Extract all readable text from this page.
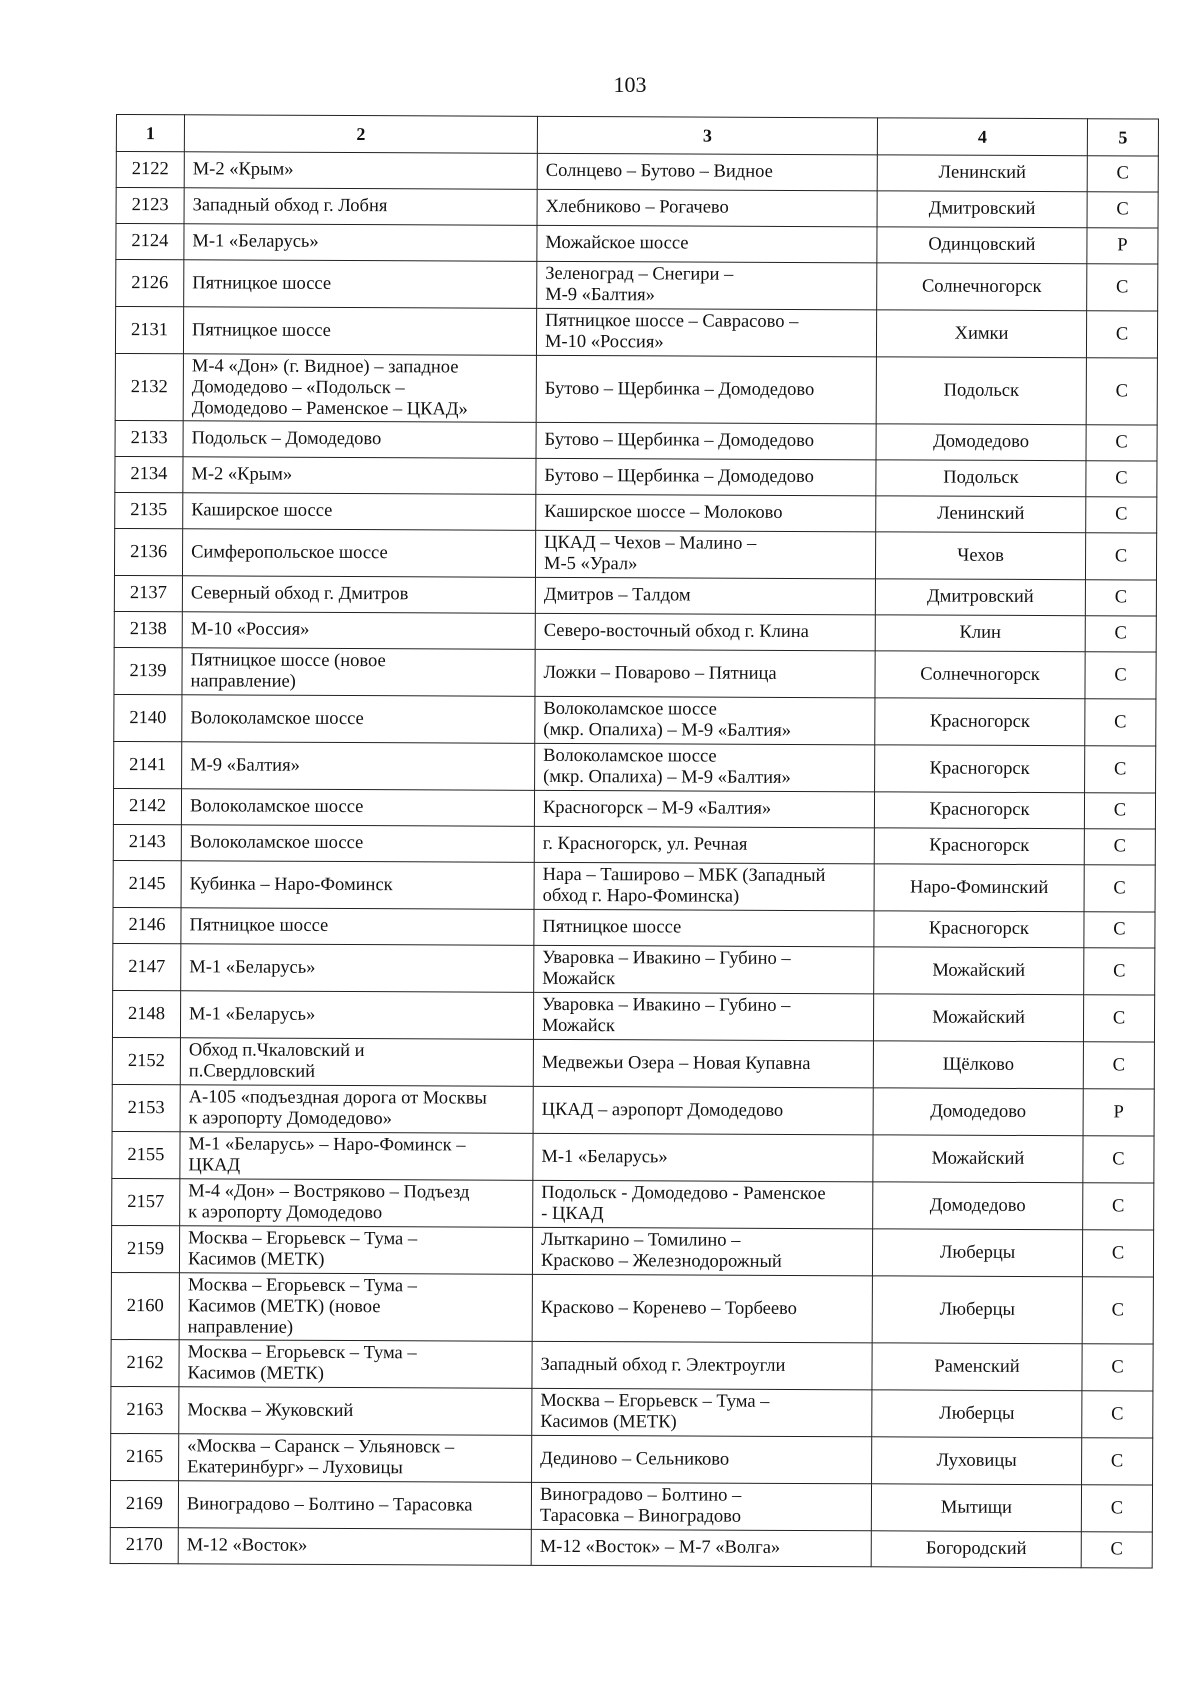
103
1	2	3	4	5
2122	М-2 «Крым»	Солнцево – Бутово – Видное	Ленинский	С
2123	Западный обход г. Лобня	Хлебниково – Рогачево	Дмитровский	С
2124	М-1 «Беларусь»	Можайское шоссе	Одинцовский	Р
2126	Пятницкое шоссе	Зеленоград – Снегири –
М-9 «Балтия»	Солнечногорск	С
2131	Пятницкое шоссе	Пятницкое шоссе – Саврасово –
М-10 «Россия»	Химки	С
2132	М-4 «Дон» (г. Видное) – западное
Домодедово – «Подольск –
Домодедово – Раменское – ЦКАД»	Бутово – Щербинка – Домодедово	Подольск	С
2133	Подольск – Домодедово	Бутово – Щербинка – Домодедово	Домодедово	С
2134	М-2 «Крым»	Бутово – Щербинка – Домодедово	Подольск	С
2135	Каширское шоссе	Каширское шоссе – Молоково	Ленинский	С
2136	Симферопольское шоссе	ЦКАД – Чехов – Малино –
М-5 «Урал»	Чехов	С
2137	Северный обход г. Дмитров	Дмитров – Талдом	Дмитровский	С
2138	М-10 «Россия»	Северо-восточный обход г. Клина	Клин	С
2139	Пятницкое шоссе (новое
направление)	Ложки – Поварово – Пятница	Солнечногорск	С
2140	Волоколамское шоссе	Волоколамское шоссе
(мкр. Опалиха) – М-9 «Балтия»	Красногорск	С
2141	М-9 «Балтия»	Волоколамское шоссе
(мкр. Опалиха) – М-9 «Балтия»	Красногорск	С
2142	Волоколамское шоссе	Красногорск – М-9 «Балтия»	Красногорск	С
2143	Волоколамское шоссе	г. Красногорск, ул. Речная	Красногорск	С
2145	Кубинка – Наро-Фоминск	Нара – Таширово – МБК (Западный
обход г. Наро-Фоминска)	Наро-Фоминский	С
2146	Пятницкое шоссе	Пятницкое шоссе	Красногорск	С
2147	М-1 «Беларусь»	Уваровка – Ивакино – Губино –
Можайск	Можайский	С
2148	М-1 «Беларусь»	Уваровка – Ивакино – Губино –
Можайск	Можайский	С
2152	Обход п.Чкаловский и
п.Свердловский	Медвежьи Озера – Новая Купавна	Щёлково	С
2153	А-105 «подъездная дорога от Москвы
к аэропорту Домодедово»	ЦКАД – аэропорт Домодедово	Домодедово	Р
2155	М-1 «Беларусь» – Наро-Фоминск –
ЦКАД	М-1 «Беларусь»	Можайский	С
2157	М-4 «Дон» – Востряково – Подъезд
к аэропорту Домодедово	Подольск - Домодедово - Раменское
- ЦКАД	Домодедово	С
2159	Москва – Егорьевск – Тума –
Касимов (МЕТК)	Лыткарино – Томилино –
Красково – Железнодорожный	Люберцы	С
2160	Москва – Егорьевск – Тума –
Касимов (МЕТК) (новое
направление)	Красково – Коренево – Торбеево	Люберцы	С
2162	Москва – Егорьевск – Тума –
Касимов (МЕТК)	Западный обход г. Электроугли	Раменский	С
2163	Москва – Жуковский	Москва – Егорьевск – Тума –
Касимов (МЕТК)	Люберцы	С
2165	«Москва – Саранск – Ульяновск –
Екатеринбург» – Луховицы	Дединово – Сельниково	Луховицы	С
2169	Виноградово – Болтино – Тарасовка	Виноградово – Болтино –
Тарасовка – Виноградово	Мытищи	С
2170	М-12 «Восток»	М-12 «Восток» – М-7 «Волга»	Богородский	С
